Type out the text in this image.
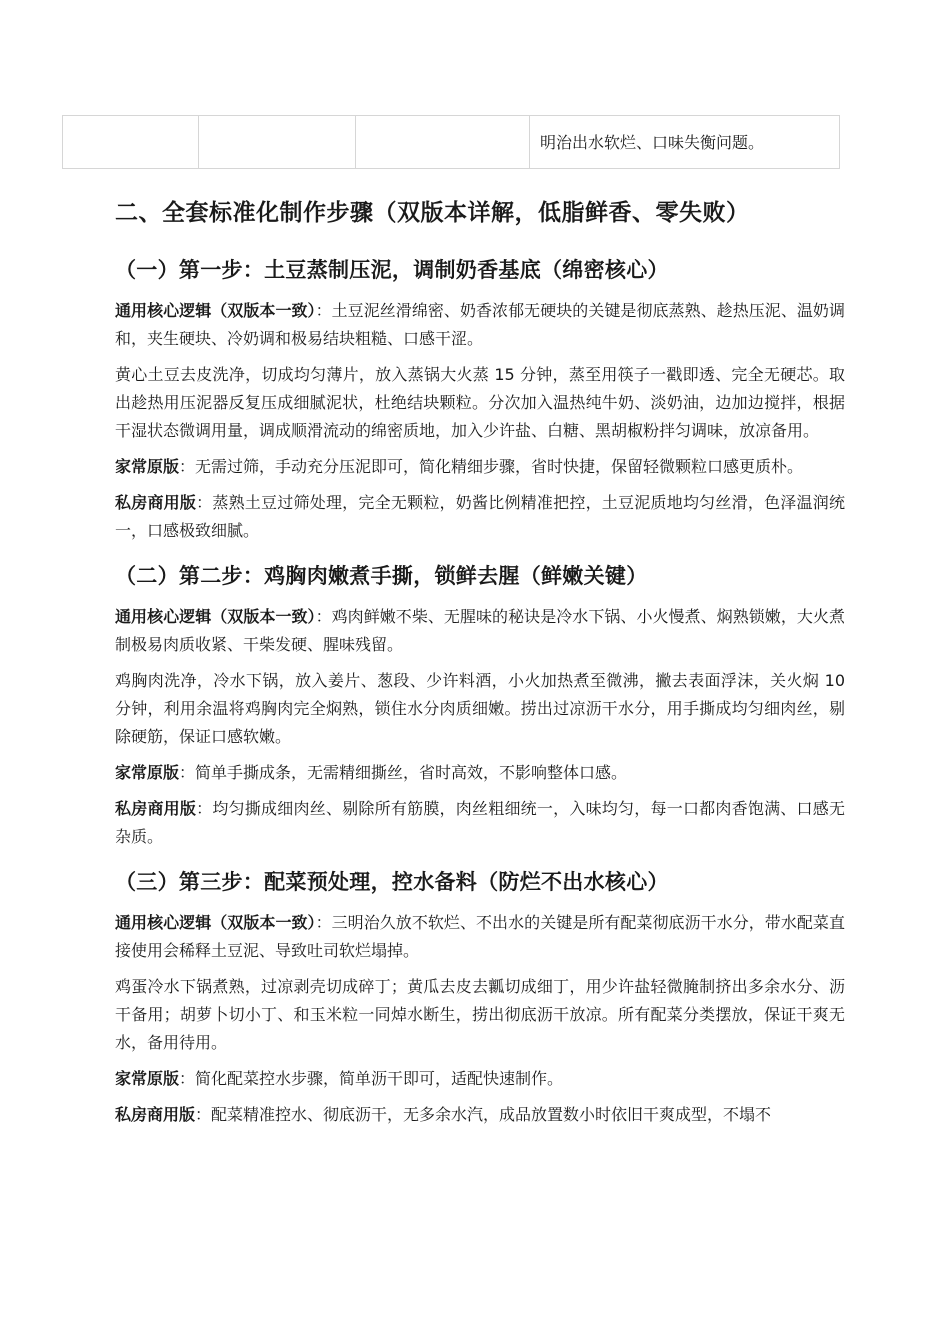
明治出水软烂、口味失衡问题。
二、全套标准化制作步骤（双版本详解，低脂鲜香、零失败）
（一）第一步：土豆蒸制压泥，调制奶香基底（绵密核心）

通用核心逻辑（双版本一致）：土豆泥丝滑绵密、奶香浓郁无硬块的关键是彻底蒸熟、趁热压泥、温奶调和，夹生硬块、冷奶调和极易结块粗糙、口感干涩。

黄心土豆去皮洗净，切成均匀薄片，放入蒸锅大火蒸 15 分钟，蒸至用筷子一戳即透、完全无硬芯。取出趁热用压泥器反复压成细腻泥状，杜绝结块颗粒。分次加入温热纯牛奶、淡奶油，边加边搅拌，根据干湿状态微调用量，调成顺滑流动的绵密质地，加入少许盐、白糖、黑胡椒粉拌匀调味，放凉备用。

家常原版：无需过筛，手动充分压泥即可，简化精细步骤，省时快捷，保留轻微颗粒口感更质朴。

私房商用版：蒸熟土豆过筛处理，完全无颗粒，奶酱比例精准把控，土豆泥质地均匀丝滑，色泽温润统一，口感极致细腻。

（二）第二步：鸡胸肉嫩煮手撕，锁鲜去腥（鲜嫩关键）

通用核心逻辑（双版本一致）：鸡肉鲜嫩不柴、无腥味的秘诀是冷水下锅、小火慢煮、焖熟锁嫩，大火煮制极易肉质收紧、干柴发硬、腥味残留。

鸡胸肉洗净，冷水下锅，放入姜片、葱段、少许料酒，小火加热煮至微沸，撇去表面浮沫，关火焖 10 分钟，利用余温将鸡胸肉完全焖熟，锁住水分肉质细嫩。捞出过凉沥干水分，用手撕成均匀细肉丝，剔除硬筋，保证口感软嫩。

家常原版：简单手撕成条，无需精细撕丝，省时高效，不影响整体口感。

私房商用版：均匀撕成细肉丝、剔除所有筋膜，肉丝粗细统一，入味均匀，每一口都肉香饱满、口感无杂质。

（三）第三步：配菜预处理，控水备料（防烂不出水核心）

通用核心逻辑（双版本一致）：三明治久放不软烂、不出水的关键是所有配菜彻底沥干水分，带水配菜直接使用会稀释土豆泥、导致吐司软烂塌掉。

鸡蛋冷水下锅煮熟，过凉剥壳切成碎丁；黄瓜去皮去瓤切成细丁，用少许盐轻微腌制挤出多余水分、沥干备用；胡萝卜切小丁、和玉米粒一同焯水断生，捞出彻底沥干放凉。所有配菜分类摆放，保证干爽无水，备用待用。

家常原版：简化配菜控水步骤，简单沥干即可，适配快速制作。

私房商用版：配菜精准控水、彻底沥干，无多余水汽，成品放置数小时依旧干爽成型，不塌不
